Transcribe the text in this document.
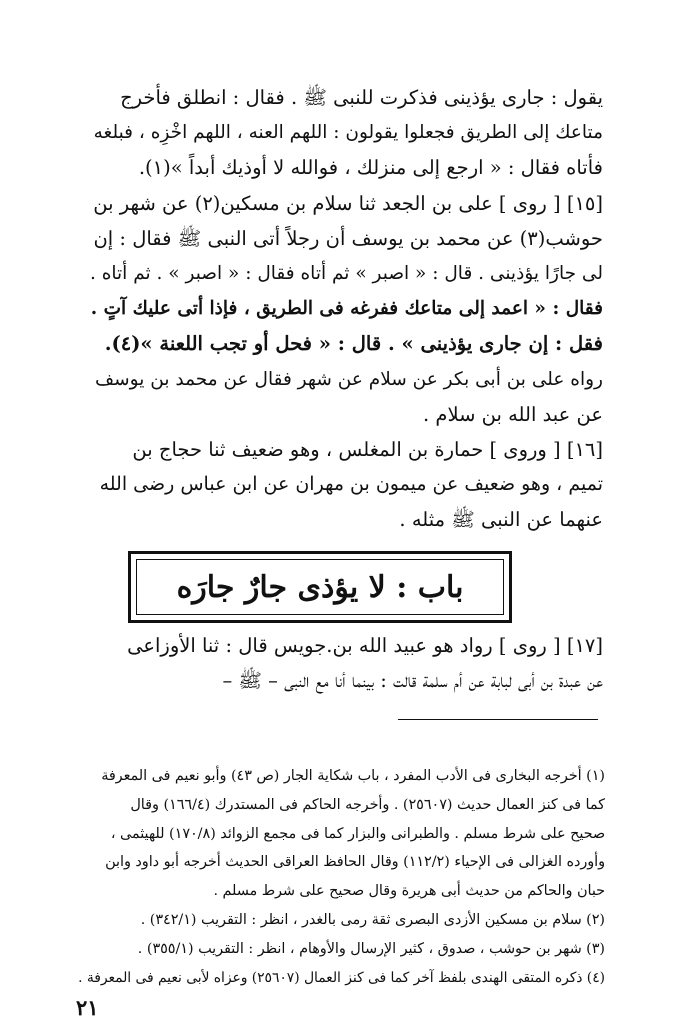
يقول : جارى يؤذينى فذكرت للنبى ﷺ . فقال : انطلق فأخرج
متاعك إلى الطريق فجعلوا يقولون : اللهم العنه ، اللهم اخْزِه ، فبلغه
فأتاه فقال : « ارجع إلى منزلك ، فوالله لا أوذيك أبداً »(١).
[١٥] [ روى ] على بن الجعد ثنا سلام بن مسكين(٢) عن شهر بن
حوشب(٣) عن محمد بن يوسف أن رجلاً أتى النبى ﷺ فقال : إن
لى جارًا يؤذينى . قال : « اصبر » ثم أتاه فقال : « اصبر » . ثم أتاه .
فقال : « اعمد إلى متاعك ففرغه فى الطريق ، فإذا أتى عليك آتٍ .
فقل : إن جارى يؤذينى » . قال : « فحل أو تجب اللعنة »(٤).
رواه على بن أبى بكر عن سلام عن شهر فقال عن محمد بن يوسف
عن عبد الله بن سلام .
[١٦] [ وروى ] حمارة بن المغلس ، وهو ضعيف ثنا حجاج بن
تميم ، وهو ضعيف عن ميمون بن مهران عن ابن عباس رضى الله
عنهما عن النبى ﷺ مثله .
باب : لا يؤذى جارٌ جارَه
[١٧] [ روى ] رواد هو عبيد الله بن.جويس قال : ثنا الأوزاعى
عن عبدة بن أبى لبابة عن أم سلمة قالت : بينما أنا مع النبى – ﷺ –
(١) أخرجه البخارى فى الأدب المفرد ، باب شكاية الجار (ص ٤٣) وأبو نعيم فى المعرفة
كما فى كنز العمال حديث (٢٥٦٠٧) . وأخرجه الحاكم فى المستدرك (١٦٦/٤) وقال
صحيح على شرط مسلم . والطبرانى والبزار كما فى مجمع الزوائد (١٧٠/٨) للهيثمى ،
وأورده الغزالى فى الإحياء (١١٢/٢) وقال الحافظ العراقى الحديث أخرجه أبو داود وابن
حبان والحاكم من حديث أبى هريرة وقال صحيح على شرط مسلم .
(٢) سلام بن مسكين الأزدى البصرى ثقة رمى بالغدر ، انظر : التقريب (٣٤٢/١) .
(٣) شهر بن حوشب ، صدوق ، كثير الإرسال والأوهام ، انظر : التقريب (٣٥٥/١) .
(٤) ذكره المتقى الهندى بلفظ آخر كما فى كنز العمال (٢٥٦٠٧) وعزاه لأبى نعيم فى المعرفة .
٢١
